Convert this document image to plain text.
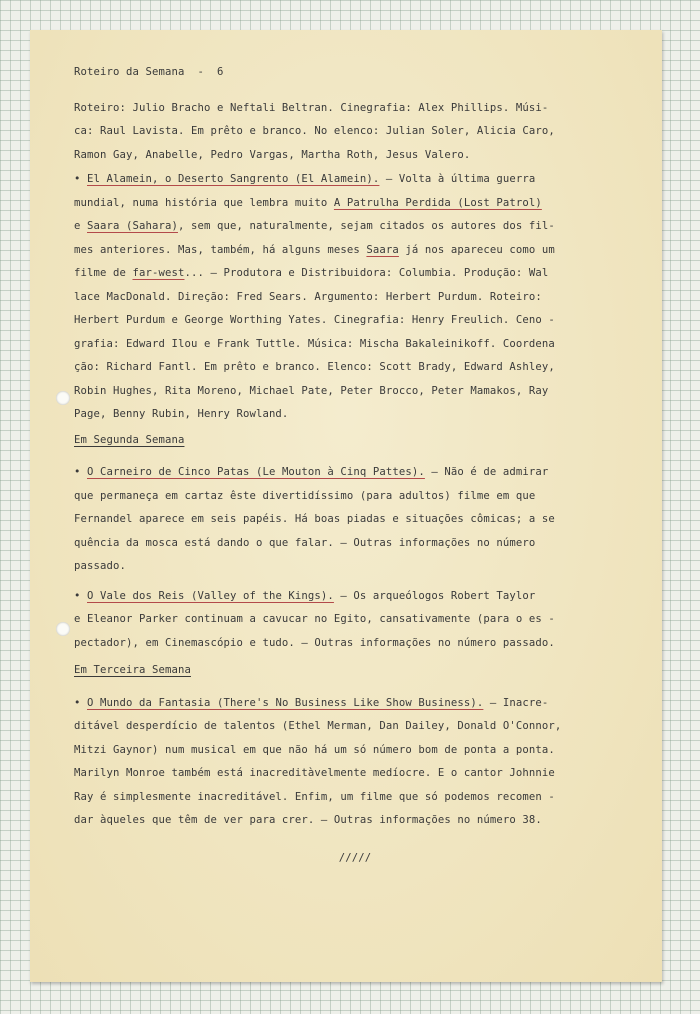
Roteiro da Semana  -  6
Roteiro: Julio Bracho e Neftali Beltran. Cinegrafia: Alex Phillips. Músi-
ca: Raul Lavista. Em prêto e branco. No elenco: Julian Soler, Alicia Caro,
Ramon Gay, Anabelle, Pedro Vargas, Martha Roth, Jesus Valero.
• El Alamein, o Deserto Sangrento (El Alamein). — Volta à última guerra
mundial, numa história que lembra muito A Patrulha Perdida (Lost Patrol)
e Saara (Sahara), sem que, naturalmente, sejam citados os autores dos fil-
mes anteriores. Mas, também, há alguns meses Saara já nos apareceu como um
filme de far-west... — Produtora e Distribuidora: Columbia. Produção: Wal
lace MacDonald. Direção: Fred Sears. Argumento: Herbert Purdum. Roteiro:
Herbert Purdum e George Worthing Yates. Cinegrafia: Henry Freulich. Ceno -
grafia: Edward Ilou e Frank Tuttle. Música: Mischa Bakaleinikoff. Coordena
ção: Richard Fantl. Em prêto e branco. Elenco: Scott Brady, Edward Ashley,
Robin Hughes, Rita Moreno, Michael Pate, Peter Brocco, Peter Mamakos, Ray
Page, Benny Rubin, Henry Rowland.
Em Segunda Semana
• O Carneiro de Cinco Patas (Le Mouton à Cinq Pattes). — Não é de admirar
que permaneça em cartaz êste divertidíssimo (para adultos) filme em que
Fernandel aparece em seis papéis. Há boas piadas e situações cômicas; a se
quência da mosca está dando o que falar. — Outras informações no número
passado.
• O Vale dos Reis (Valley of the Kings). — Os arqueólogos Robert Taylor
e Eleanor Parker continuam a cavucar no Egito, cansativamente (para o es -
pectador), em Cinemascópio e tudo. — Outras informações no número passado.
Em Terceira Semana
• O Mundo da Fantasia (There's No Business Like Show Business). — Inacre-
ditável desperdício de talentos (Ethel Merman, Dan Dailey, Donald O'Connor,
Mitzi Gaynor) num musical em que não há um só número bom de ponta a ponta.
Marilyn Monroe também está inacreditàvelmente medíocre. E o cantor Johnnie
Ray é simplesmente inacreditável. Enfim, um filme que só podemos recomen -
dar àqueles que têm de ver para crer. — Outras informações no número 38.
/////
